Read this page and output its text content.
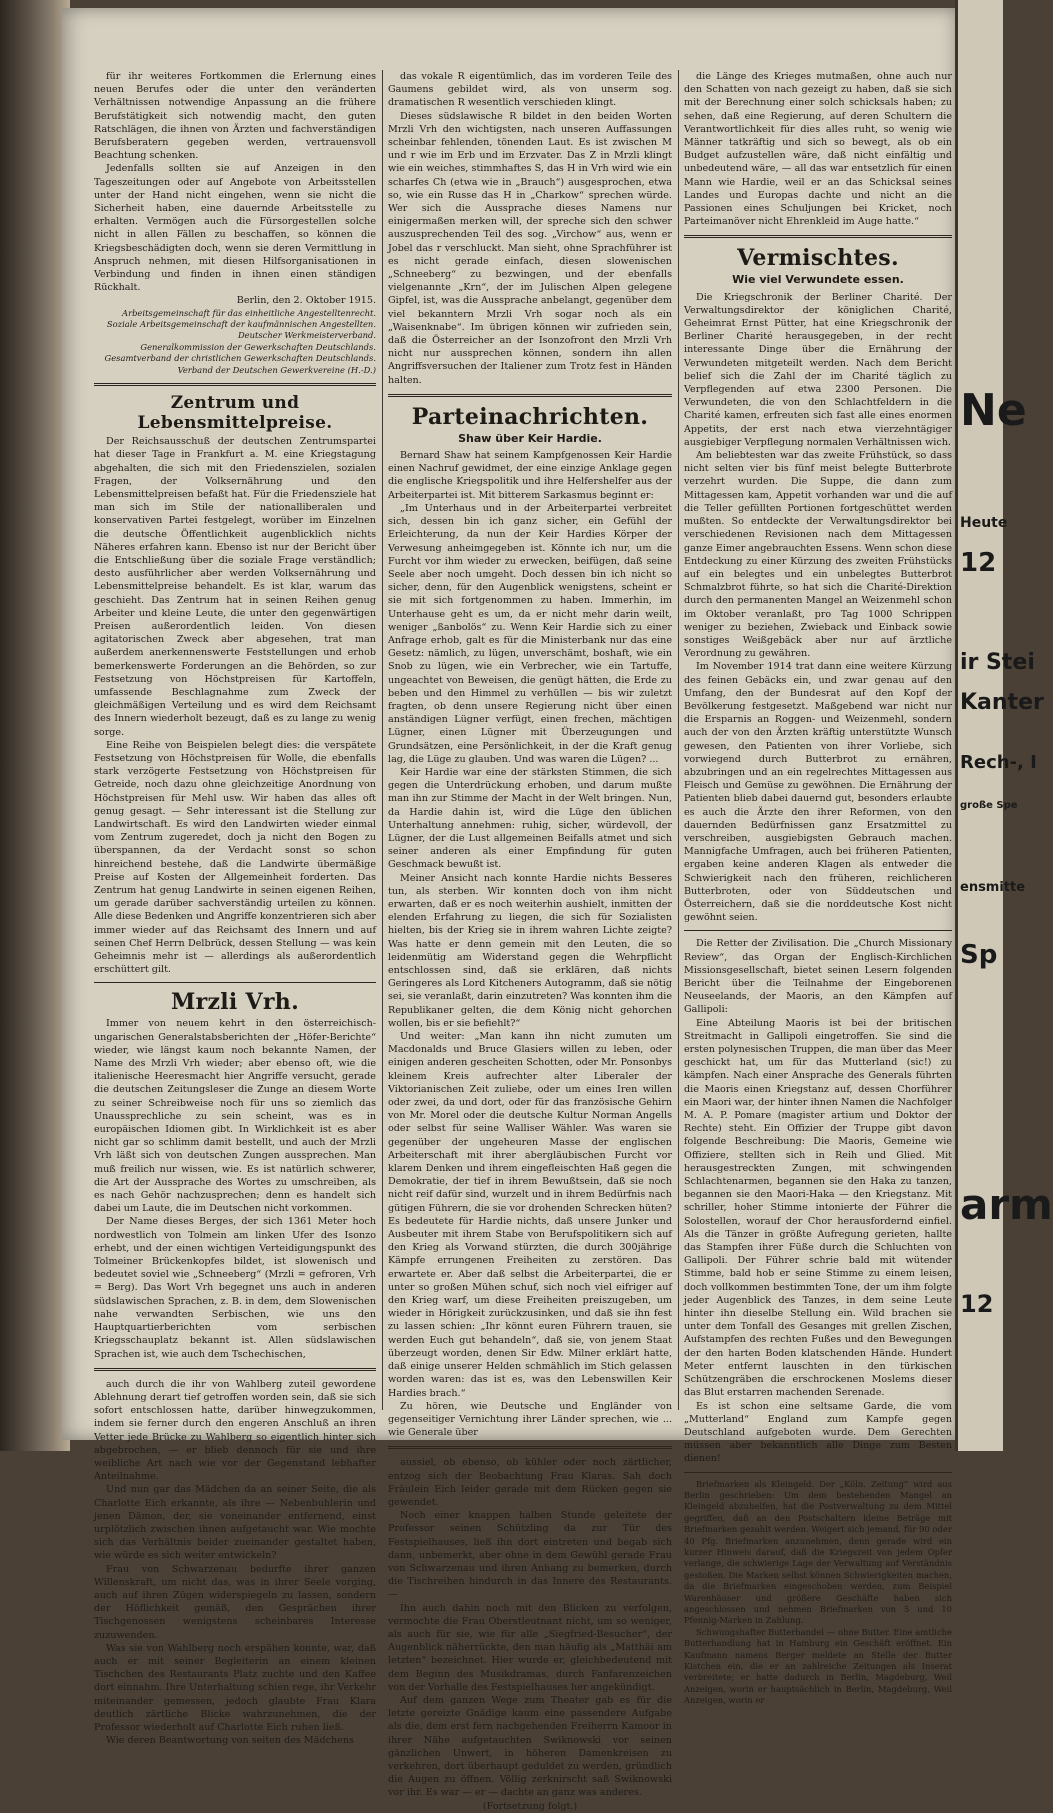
für ihr weiteres Fortkommen die Erlernung eines neuen Berufes oder die unter den veränderten Verhältnissen notwendige Anpassung an die frühere Berufstätigkeit sich notwendig macht, den guten Ratschlägen, die ihnen von Ärzten und fachverständigen Berufsberatern gegeben werden, vertrauensvoll Beachtung schenken.

Jedenfalls sollten sie auf Anzeigen in den Tageszeitungen oder auf Angebote von Arbeitsstellen unter der Hand nicht eingehen, wenn sie nicht die Sicherheit haben, eine dauernde Arbeitsstelle zu erhalten. Vermögen auch die Fürsorgestellen solche nicht in allen Fällen zu beschaffen, so können die Kriegsbeschädigten doch, wenn sie deren Vermittlung in Anspruch nehmen, mit diesen Hilfsorganisationen in Verbindung und finden in ihnen einen ständigen Rückhalt.

Berlin, den 2. Oktober 1915.

Arbeitsgemeinschaft für das einheitliche Angestelltenrecht.

Soziale Arbeitsgemeinschaft der kaufmännischen Angestellten.

Deutscher Werkmeisterverband.

Generalkommission der Gewerkschaften Deutschlands.

Gesamtverband der christlichen Gewerkschaften Deutschlands.

Verband der Deutschen Gewerkvereine (H.-D.)

Zentrum und Lebensmittelpreise.

Der Reichsausschuß der deutschen Zentrumspartei hat dieser Tage in Frankfurt a. M. eine Kriegstagung abgehalten, die sich mit den Friedenszielen, sozialen Fragen, der Volksernährung und den Lebensmittelpreisen befaßt hat. Für die Friedensziele hat man sich im Stile der nationalliberalen und konservativen Partei festgelegt, worüber im Einzelnen die deutsche Öffentlichkeit augenblicklich nichts Näheres erfahren kann. Ebenso ist nur der Bericht über die Entschließung über die soziale Frage verständlich; desto ausführlicher aber werden Volksernährung und Lebensmittelpreise behandelt. Es ist klar, warum das geschieht. Das Zentrum hat in seinen Reihen genug Arbeiter und kleine Leute, die unter den gegenwärtigen Preisen außerordentlich leiden. Von diesen agitatorischen Zweck aber abgesehen, trat man außerdem anerkennenswerte Feststellungen und erhob bemerkenswerte Forderungen an die Behörden, so zur Festsetzung von Höchstpreisen für Kartoffeln, umfassende Beschlagnahme zum Zweck der gleichmäßigen Verteilung und es wird dem Reichsamt des Innern wiederholt bezeugt, daß es zu lange zu wenig sorge.

Eine Reihe von Beispielen belegt dies: die verspätete Festsetzung von Höchstpreisen für Wolle, die ebenfalls stark verzögerte Festsetzung von Höchstpreisen für Getreide, noch dazu ohne gleichzeitige Anordnung von Höchstpreisen für Mehl usw. Wir haben das alles oft genug gesagt. — Sehr interessant ist die Stellung zur Landwirtschaft. Es wird den Landwirten wieder einmal vom Zentrum zugeredet, doch ja nicht den Bogen zu überspannen, da der Verdacht sonst so schon hinreichend bestehe, daß die Landwirte übermäßige Preise auf Kosten der Allgemeinheit forderten. Das Zentrum hat genug Landwirte in seinen eigenen Reihen, um gerade darüber sachverständig urteilen zu können. Alle diese Bedenken und Angriffe konzentrieren sich aber immer wieder auf das Reichsamt des Innern und auf seinen Chef Herrn Delbrück, dessen Stellung — was kein Geheimnis mehr ist — allerdings als außerordentlich erschüttert gilt.

Mrzli Vrh.

Immer von neuem kehrt in den österreichisch-ungarischen Generalstabsberichten der „Höfer-Berichte“ wieder, wie längst kaum noch bekannte Namen, der Name des Mrzli Vrh wieder; aber ebenso oft, wie die italienische Heeresmacht hier Angriffe versucht, gerade die deutschen Zeitungsleser die Zunge an diesem Worte zu seiner Schreibweise noch für uns so ziemlich das Unaussprechliche zu sein scheint, was es in europäischen Idiomen gibt. In Wirklichkeit ist es aber nicht gar so schlimm damit bestellt, und auch der Mrzli Vrh läßt sich von deutschen Zungen aussprechen. Man muß freilich nur wissen, wie. Es ist natürlich schwerer, die Art der Aussprache des Wortes zu umschreiben, als es nach Gehör nachzusprechen; denn es handelt sich dabei um Laute, die im Deutschen nicht vorkommen.

Der Name dieses Berges, der sich 1361 Meter hoch nordwestlich von Tolmein am linken Ufer des Isonzo erhebt, und der einen wichtigen Verteidigungspunkt des Tolmeiner Brückenkopfes bildet, ist slowenisch und bedeutet soviel wie „Schneeberg“ (Mrzli = gefroren, Vrh = Berg). Das Wort Vrh begegnet uns auch in anderen südslawischen Sprachen, z. B. in dem, dem Slowenischen nahe verwandten Serbischen, wie uns den Hauptquartierberichten vom serbischen Kriegsschauplatz bekannt ist. Allen südslawischen Sprachen ist, wie auch dem Tschechischen,

auch durch die ihr von Wahlberg zuteil gewordene Ablehnung derart tief getroffen worden sein, daß sie sich sofort entschlossen hatte, darüber hinwegzukommen, indem sie ferner durch den engeren Anschluß an ihren Vetter jede Brücke zu Wahlberg so eigentlich hinter sich abgebrochen, — er blieb dennoch für sie und ihre weibliche Art nach wie vor der Gegenstand lebhafter Anteilnahme.

Und nun gar das Mädchen da an seiner Seite, die als Charlotte Eich erkannte, als ihre — Nebenbuhlerin und jenen Dämon, der, sie voneinander entfernend, einst urplötzlich zwischen ihnen aufgetaucht war. Wie mochte sich das Verhältnis beider zueinander gestaltet haben, wie würde es sich weiter entwickeln?

Frau von Schwarzenau bedurfte ihrer ganzen Willenskraft, um nicht das, was in ihrer Seele vorging, auch auf ihren Zügen widerspiegeln zu lassen, sondern der Höflichkeit gemäß, den Gesprächen ihrer Tischgenossen wenigstens scheinbares Interesse zuzuwenden.

Was sie von Wahlberg noch erspähen konnte, war, daß auch er mit seiner Begleiterin an einem kleinen Tischchen des Restaurants Platz zuchte und den Kaffee dort einnahm. Ihre Unterhaltung schien rege, ihr Verkehr miteinander gemessen, jedoch glaubte Frau Klara deutlich zärtliche Blicke wahrzunehmen, die der Professor wiederholt auf Charlotte Eich ruhen ließ.

Wie deren Beantwortung von seiten des Mädchens

das vokale R eigentümlich, das im vorderen Teile des Gaumens gebildet wird, als von unserm sog. dramatischen R wesentlich verschieden klingt.

Dieses südslawische R bildet in den beiden Worten Mrzli Vrh den wichtigsten, nach unseren Auffassungen scheinbar fehlenden, tönenden Laut. Es ist zwischen M und r wie im Erb und im Erzvater. Das Z in Mrzli klingt wie ein weiches, stimmhaftes S, das H in Vrh wird wie ein scharfes Ch (etwa wie in „Brauch“) ausgesprochen, etwa so, wie ein Russe das H in „Charkow“ sprechen würde. Wer sich die Aussprache dieses Namens nur einigermaßen merken will, der spreche sich den schwer auszusprechenden Teil des sog. „Virchow“ aus, wenn er Jobel das r verschluckt. Man sieht, ohne Sprachführer ist es nicht gerade einfach, diesen slowenischen „Schneeberg“ zu bezwingen, und der ebenfalls vielgenannte „Krn“, der im Julischen Alpen gelegene Gipfel, ist, was die Aussprache anbelangt, gegenüber dem viel bekanntern Mrzli Vrh sogar noch als ein „Waisenknabe“. Im übrigen können wir zufrieden sein, daß die Österreicher an der Isonzofront den Mrzli Vrh nicht nur aussprechen können, sondern ihn allen Angriffsversuchen der Italiener zum Trotz fest in Händen halten.

Parteinachrichten.
Shaw über Keir Hardie.

Bernard Shaw hat seinem Kampfgenossen Keir Hardie einen Nachruf gewidmet, der eine einzige Anklage gegen die englische Kriegspolitik und ihre Helfershelfer aus der Arbeiterpartei ist. Mit bitterem Sarkasmus beginnt er:

„Im Unterhaus und in der Arbeiterpartei verbreitet sich, dessen bin ich ganz sicher, ein Gefühl der Erleichterung, da nun der Keir Hardies Körper der Verwesung anheimgegeben ist. Könnte ich nur, um die Furcht vor ihm wieder zu erwecken, beifügen, daß seine Seele aber noch umgeht. Doch dessen bin ich nicht so sicher, denn, für den Augenblick wenigstens, scheint er sie mit sich fortgenommen zu haben. Immerhin, im Unterhause geht es um, da er nicht mehr darin weilt, weniger „ßanbolös“ zu. Wenn Keir Hardie sich zu einer Anfrage erhob, galt es für die Ministerbank nur das eine Gesetz: nämlich, zu lügen, unverschämt, boshaft, wie ein Snob zu lügen, wie ein Verbrecher, wie ein Tartuffe, ungeachtet von Beweisen, die genügt hätten, die Erde zu beben und den Himmel zu verhüllen — bis wir zuletzt fragten, ob denn unsere Regierung nicht über einen anständigen Lügner verfügt, einen frechen, mächtigen Lügner, einen Lügner mit Überzeugungen und Grundsätzen, eine Persönlichkeit, in der die Kraft genug lag, die Lüge zu glauben. Und was waren die Lügen? ...

Keir Hardie war eine der stärksten Stimmen, die sich gegen die Unterdrückung erhoben, und darum mußte man ihn zur Stimme der Macht in der Welt bringen. Nun, da Hardie dahin ist, wird die Lüge den üblichen Unterhaltung annehmen: ruhig, sicher, würdevoll, der Lügner, der die Lust allgemeinen Beifalls atmet und sich seiner anderen als einer Empfindung für guten Geschmack bewußt ist.

Meiner Ansicht nach konnte Hardie nichts Besseres tun, als sterben. Wir konnten doch von ihm nicht erwarten, daß er es noch weiterhin aushielt, inmitten der elenden Erfahrung zu liegen, die sich für Sozialisten hielten, bis der Krieg sie in ihrem wahren Lichte zeigte? Was hatte er denn gemein mit den Leuten, die so leidenmütig am Widerstand gegen die Wehrpflicht entschlossen sind, daß sie erklären, daß nichts Geringeres als Lord Kitcheners Autogramm, daß sie nötig sei, sie veranlaßt, darin einzutreten? Was konnten ihm die Republikaner gelten, die dem König nicht gehorchen wollen, bis er sie befiehlt?“

Und weiter: „Man kann ihn nicht zumuten um Macdonalds und Bruce Glasiers willen zu leben, oder einigen anderen gescheiten Schotten, oder Mr. Ponsonbys kleinem Kreis aufrechter alter Liberaler der Viktorianischen Zeit zuliebe, oder um eines Iren willen oder zwei, da und dort, oder für das französische Gehirn von Mr. Morel oder die deutsche Kultur Norman Angells oder selbst für seine Walliser Wähler. Was waren sie gegenüber der ungeheuren Masse der englischen Arbeiterschaft mit ihrer abergläubischen Furcht vor klarem Denken und ihrem eingefleischten Haß gegen die Demokratie, der tief in ihrem Bewußtsein, daß sie noch nicht reif dafür sind, wurzelt und in ihrem Bedürfnis nach gütigen Führern, die sie vor drohenden Schrecken hüten? Es bedeutete für Hardie nichts, daß unsere Junker und Ausbeuter mit ihrem Stabe von Berufspolitikern sich auf den Krieg als Vorwand stürzten, die durch 300jährige Kämpfe errungenen Freiheiten zu zerstören. Das erwartete er. Aber daß selbst die Arbeiterpartei, die er unter so großen Mühen schuf, sich noch viel eifriger auf den Krieg warf, um diese Freiheiten preiszugeben, um wieder in Hörigkeit zurückzusinken, und daß sie ihn fest zu lassen schien: „Ihr könnt euren Führern trauen, sie werden Euch gut behandeln“, daß sie, von jenem Staat überzeugt worden, denen Sir Edw. Milner erklärt hatte, daß einige unserer Helden schmählich im Stich gelassen worden waren: das ist es, was den Lebenswillen Keir Hardies brach.“

Zu hören, wie Deutsche und Engländer von gegenseitiger Vernichtung ihrer Länder sprechen, wie ... wie Generale über

aussiel, ob ebenso, ob kühler oder noch zärtlicher, entzog sich der Beobachtung Frau Klaras. Sah doch Fräulein Eich leider gerade mit dem Rücken gegen sie gewendet.

Noch einer knappen halben Stunde geleitete der Professor seinen Schützling da zur Tür des Festspielhauses, ließ ihn dort eintreten und begab sich dann, unbemerkt, aber ohne in dem Gewühl gerade Frau von Schwarzenau und ihren Anhang zu bemerken, durch die Tischreihen hindurch in das Innere des Restaurants. —

Ihn auch dahin noch mit den Blicken zu verfolgen, vermochte die Frau Oberstleutnant nicht, um so weniger, als auch für sie, wie für alle „Siegfried-Besucher“, der Augenblick näherrückte, den man häufig als „Matthäi am letzten“ bezeichnet. Hier wurde er, gleichbedeutend mit dem Beginn des Musikdramas, durch Fanfarenzeichen von der Vorhalle des Festspielhauses her angekündigt.

Auf dem ganzen Wege zum Theater gab es für die letzte gereizte Gnädige kaum eine passendere Aufgabe als die, dem erst fern nachgehenden Freiherrn Kamoor in ihrer Nähe aufgetauchten Swiknowski vor seinen gänzlichen Unwert, in höheren Damenkreisen zu verkehren, dort überhaupt geduldet zu werden, gründlich die Augen zu öffnen. Völlig zerknirscht saß Swiknowski vor ihr. Es war — er — dachte an ganz was anderes.

(Fortsetzung folgt.)

die Länge des Krieges mutmaßen, ohne auch nur den Schatten von nach gezeigt zu haben, daß sie sich mit der Berechnung einer solch schicksals haben; zu sehen, daß eine Regierung, auf deren Schultern die Verantwortlichkeit für dies alles ruht, so wenig wie Männer tatkräftig und sich so bewegt, als ob ein Budget aufzustellen wäre, daß nicht einfältig und unbedeutend wäre, — all das war entsetzlich für einen Mann wie Hardie, weil er an das Schicksal seines Landes und Europas dachte und nicht an die Passionen eines Schuljungen bei Kricket, noch Parteimanöver nicht Ehrenkleid im Auge hatte.“

Vermischtes.
Wie viel Verwundete essen.

Die Kriegschronik der Berliner Charité. Der Verwaltungsdirektor der königlichen Charité, Geheimrat Ernst Pütter, hat eine Kriegschronik der Berliner Charité herausgegeben, in der recht interessante Dinge über die Ernährung der Verwundeten mitgeteilt werden. Nach dem Bericht belief sich die Zahl der im Charité täglich zu Verpflegenden auf etwa 2300 Personen. Die Verwundeten, die von den Schlachtfeldern in die Charité kamen, erfreuten sich fast alle eines enormen Appetits, der erst nach etwa vierzehntägiger ausgiebiger Verpflegung normalen Verhältnissen wich.

Am beliebtesten war das zweite Frühstück, so dass nicht selten vier bis fünf meist belegte Butterbrote verzehrt wurden. Die Suppe, die dann zum Mittagessen kam, Appetit vorhanden war und die auf die Teller gefüllten Portionen fortgeschüttet werden mußten. So entdeckte der Verwaltungsdirektor bei verschiedenen Revisionen nach dem Mittagessen ganze Eimer angebrauchten Essens. Wenn schon diese Entdeckung zu einer Kürzung des zweiten Frühstücks auf ein belegtes und ein unbelegtes Butterbrot Schmalzbrot führte, so hat sich die Charité-Direktion durch den permanenten Mangel an Weizenmehl schon im Oktober veranlaßt, pro Tag 1000 Schrippen weniger zu beziehen, Zwieback und Einback sowie sonstiges Weißgebäck aber nur auf ärztliche Verordnung zu gewähren.

Im November 1914 trat dann eine weitere Kürzung des feinen Gebäcks ein, und zwar genau auf den Umfang, den der Bundesrat auf den Kopf der Bevölkerung festgesetzt. Maßgebend war nicht nur die Ersparnis an Roggen- und Weizenmehl, sondern auch der von den Ärzten kräftig unterstützte Wunsch gewesen, den Patienten von ihrer Vorliebe, sich vorwiegend durch Butterbrot zu ernähren, abzubringen und an ein regelrechtes Mittagessen aus Fleisch und Gemüse zu gewöhnen. Die Ernährung der Patienten blieb dabei dauernd gut, besonders erlaubte es auch die Ärzte den ihrer Reformen, von den dauernden Bedürfnissen ganz Ersatzmittel zu verschreiben, ausgiebigsten Gebrauch machen. Mannigfache Umfragen, auch bei früheren Patienten, ergaben keine anderen Klagen als entweder die Schwierigkeit nach den früheren, reichlicheren Butterbroten, oder von Süddeutschen und Österreichern, daß sie die norddeutsche Kost nicht gewöhnt seien.

Die Retter der Zivilisation. Die „Church Missionary Review“, das Organ der Englisch-Kirchlichen Missionsgesellschaft, bietet seinen Lesern folgenden Bericht über die Teilnahme der Eingeborenen Neuseelands, der Maoris, an den Kämpfen auf Gallipoli:

Eine Abteilung Maoris ist bei der britischen Streitmacht in Gallipoli eingetroffen. Sie sind die ersten polynesischen Truppen, die man über das Meer geschickt hat, um für das Mutterland (sic!) zu kämpfen. Nach einer Ansprache des Generals führten die Maoris einen Kriegstanz auf, dessen Chorführer ein Maori war, der hinter ihnen Namen die Nachfolger M. A. P. Pomare (magister artium und Doktor der Rechte) steht. Ein Offizier der Truppe gibt davon folgende Beschreibung: Die Maoris, Gemeine wie Offiziere, stellten sich in Reih und Glied. Mit herausgestreckten Zungen, mit schwingenden Schlachtenarmen, begannen sie den Haka zu tanzen, begannen sie den Maori-Haka — den Kriegstanz. Mit schriller, hoher Stimme intonierte der Führer die Solostellen, worauf der Chor herausfordernd einfiel. Als die Tänzer in größte Aufregung gerieten, hallte das Stampfen ihrer Füße durch die Schluchten von Gallipoli. Der Führer schrie bald mit wütender Stimme, bald hob er seine Stimme zu einem leisen, doch vollkommen bestimmten Tone, der um ihm folgte jeder Augenblick des Tanzes, in dem seine Leute hinter ihn dieselbe Stellung ein. Wild brachen sie unter dem Tonfall des Gesanges mit grellen Zischen, Aufstampfen des rechten Fußes und den Bewegungen der den harten Boden klatschenden Hände. Hundert Meter entfernt lauschten in den türkischen Schützengräben die erschrockenen Moslems dieser das Blut erstarren machenden Serenade.

Es ist schon eine seltsame Garde, die vom „Mutterland“ England zum Kampfe gegen Deutschland aufgeboten wurde. Dem Gerechten müssen aber bekanntlich alle Dinge zum Besten dienen!

Briefmarken als Kleingeld. Der „Köln. Zeitung“ wird aus Berlin geschrieben: Um dem bestehenden Mangel an Kleingeld abzuhelfen, hat die Postverwaltung zu dem Mittel gegriffen, daß an den Postschaltern kleine Beträge mit Briefmarken gezahlt werden. Weigert sich jemand, für 90 oder 40 Pfg. Briefmarken anzunehmen, denn gerade wird ein kurzer Hinweis darauf, daß die Kriegszeit von jedem Opfer verlange, die schwierige Lage der Verwaltung auf Verständnis gestoßen. Die Marken selbst können Schwierigkeiten machen, da die Briefmarken eingeschoben werden, zum Beispiel Warenhäuser und größere Geschäfte haben sich angeschlossen und nehmen Briefmarken von 5 und 10 Pfennig-Marken in Zahlung.

Schwungshafter Butterhandel — ohne Butter. Eine amtliche Butterhandlung hat in Hamburg ein Geschäft eröffnet. Ein Kaufmann namens Berger meldete an Stelle der Butter Kistchen ein, die er an zahlreiche Zeitungen als Inserat verbreitete; er hatte dadurch in Berlin, Magdeburg, Weil Anzeigen, worin er hauptsächlich in Berlin, Magdeburg, Weil Anzeigen, worin er

Ne
Heute
12
ir Stei
Kanter
Rech-, I
große Spe
Sp
ensmitte
arm
12
